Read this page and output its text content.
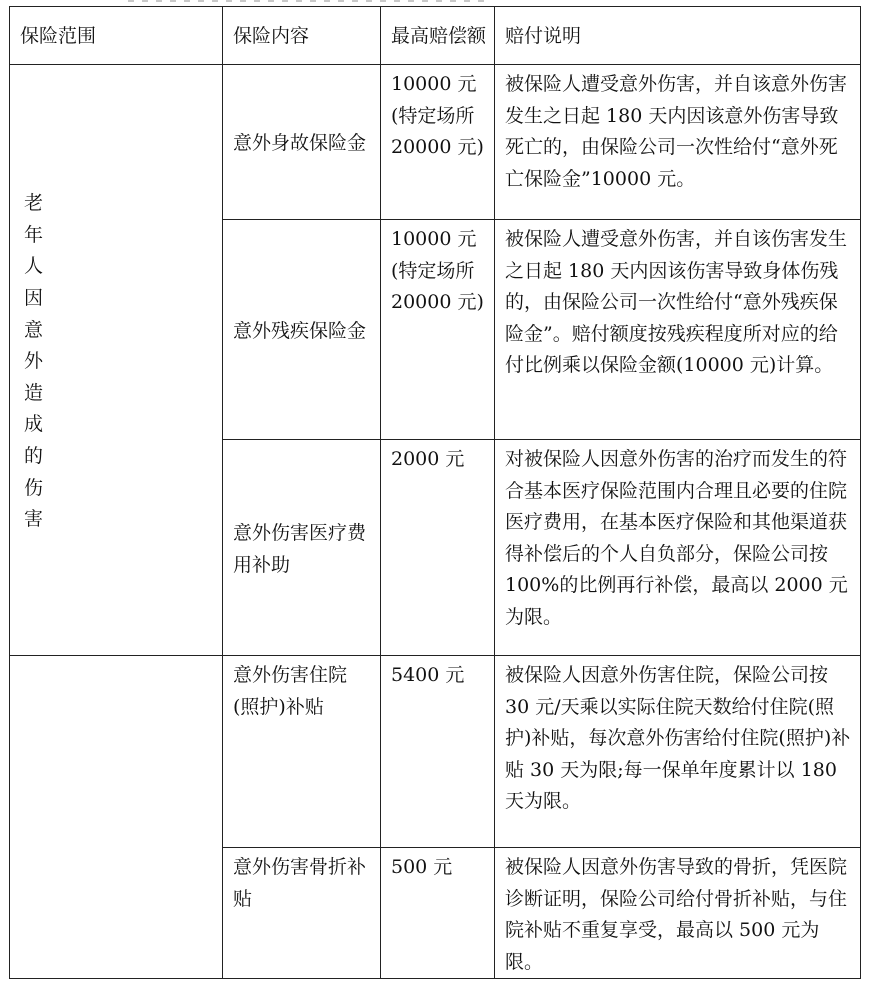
保险范围	保险内容	最高赔偿额	赔付说明

老年人因意外造成的伤害	意外身故保险金	10000 元(特定场所 20000 元)	被保险人遭受意外伤害，并自该意外伤害发生之日起 180 天内因该意外伤害导致死亡的，由保险公司一次性给付“意外死亡保险金”10000 元。
	意外残疾保险金	10000 元(特定场所 20000 元)	被保险人遭受意外伤害，并自该伤害发生之日起 180 天内因该伤害导致身体伤残的，由保险公司一次性给付“意外残疾保险金”。赔付额度按残疾程度所对应的给付比例乘以保险金额(10000 元)计算。
	意外伤害医疗费用补助	2000 元	对被保险人因意外伤害的治疗而发生的符合基本医疗保险范围内合理且必要的住院医疗费用，在基本医疗保险和其他渠道获得补偿后的个人自负部分，保险公司按 100%的比例再行补偿，最高以 2000 元为限。
	意外伤害住院(照护)补贴	5400 元	被保险人因意外伤害住院，保险公司按 30 元/天乘以实际住院天数给付住院(照护)补贴，每次意外伤害给付住院(照护)补贴 30 天为限;每一保单年度累计以 180 天为限。
	意外伤害骨折补贴	500 元	被保险人因意外伤害导致的骨折，凭医院诊断证明，保险公司给付骨折补贴，与住院补贴不重复享受，最高以 500 元为限。
